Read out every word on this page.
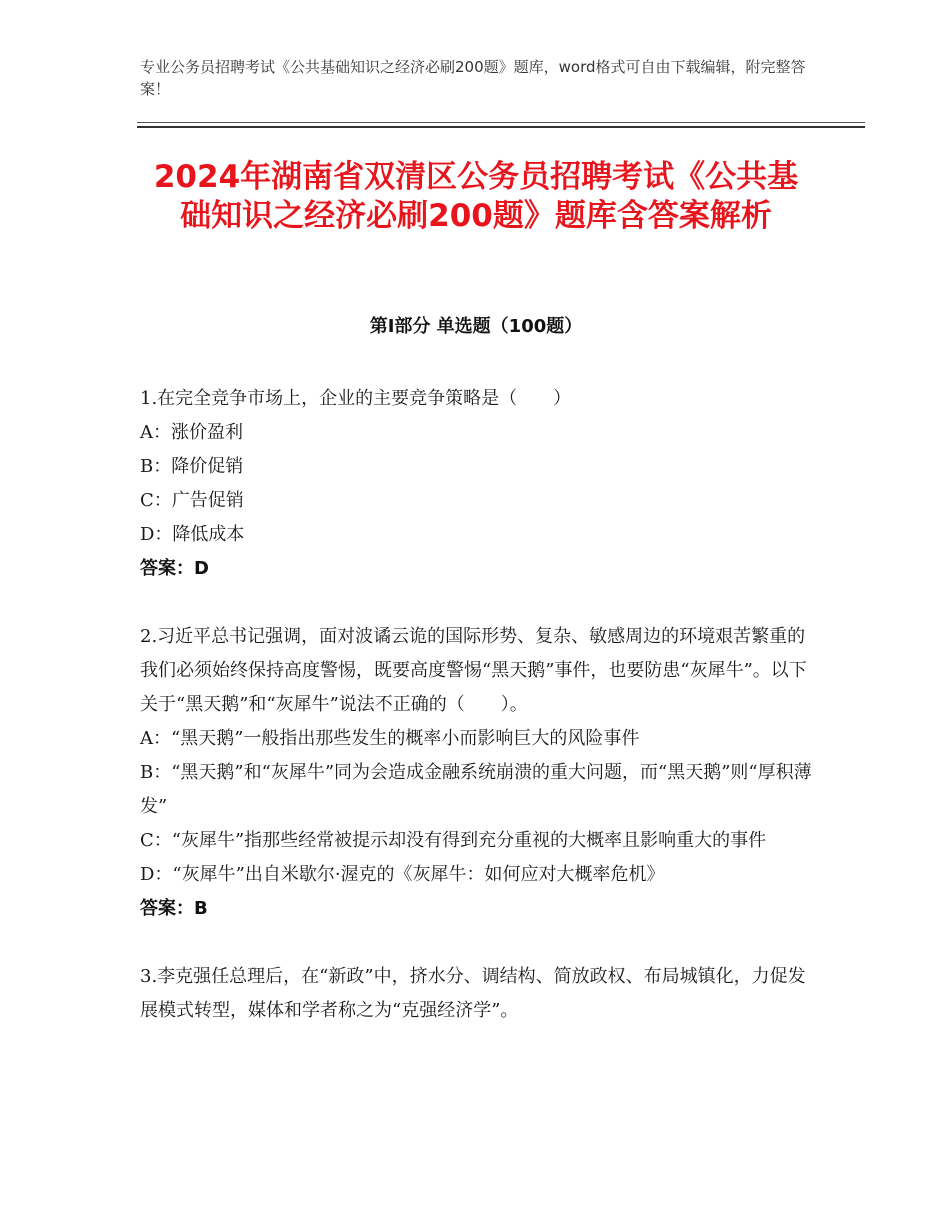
专业公务员招聘考试《公共基础知识之经济必刷200题》题库，word格式可自由下载编辑，附完整答案！
2024年湖南省双清区公务员招聘考试《公共基础知识之经济必刷200题》题库含答案解析
第Ⅰ部分 单选题（100题）
1.在完全竞争市场上，企业的主要竞争策略是（　　）
A：涨价盈利
B：降价促销
C：广告促销
D：降低成本
答案：D
2.习近平总书记强调，面对波谲云诡的国际形势、复杂、敏感周边的环境艰苦繁重的我们必须始终保持高度警惕，既要高度警惕“黑天鹅”事件，也要防患“灰犀牛”。以下关于“黑天鹅”和“灰犀牛”说法不正确的（　　）。
A：“黑天鹅”一般指出那些发生的概率小而影响巨大的风险事件
B：“黑天鹅”和“灰犀牛”同为会造成金融系统崩溃的重大问题，而“黑天鹅”则“厚积薄发”
C：“灰犀牛”指那些经常被提示却没有得到充分重视的大概率且影响重大的事件
D：“灰犀牛”出自米歇尔·渥克的《灰犀牛：如何应对大概率危机》
答案：B
3.李克强任总理后，在“新政”中，挤水分、调结构、简放政权、布局城镇化，力促发展模式转型，媒体和学者称之为“克强经济学”。
